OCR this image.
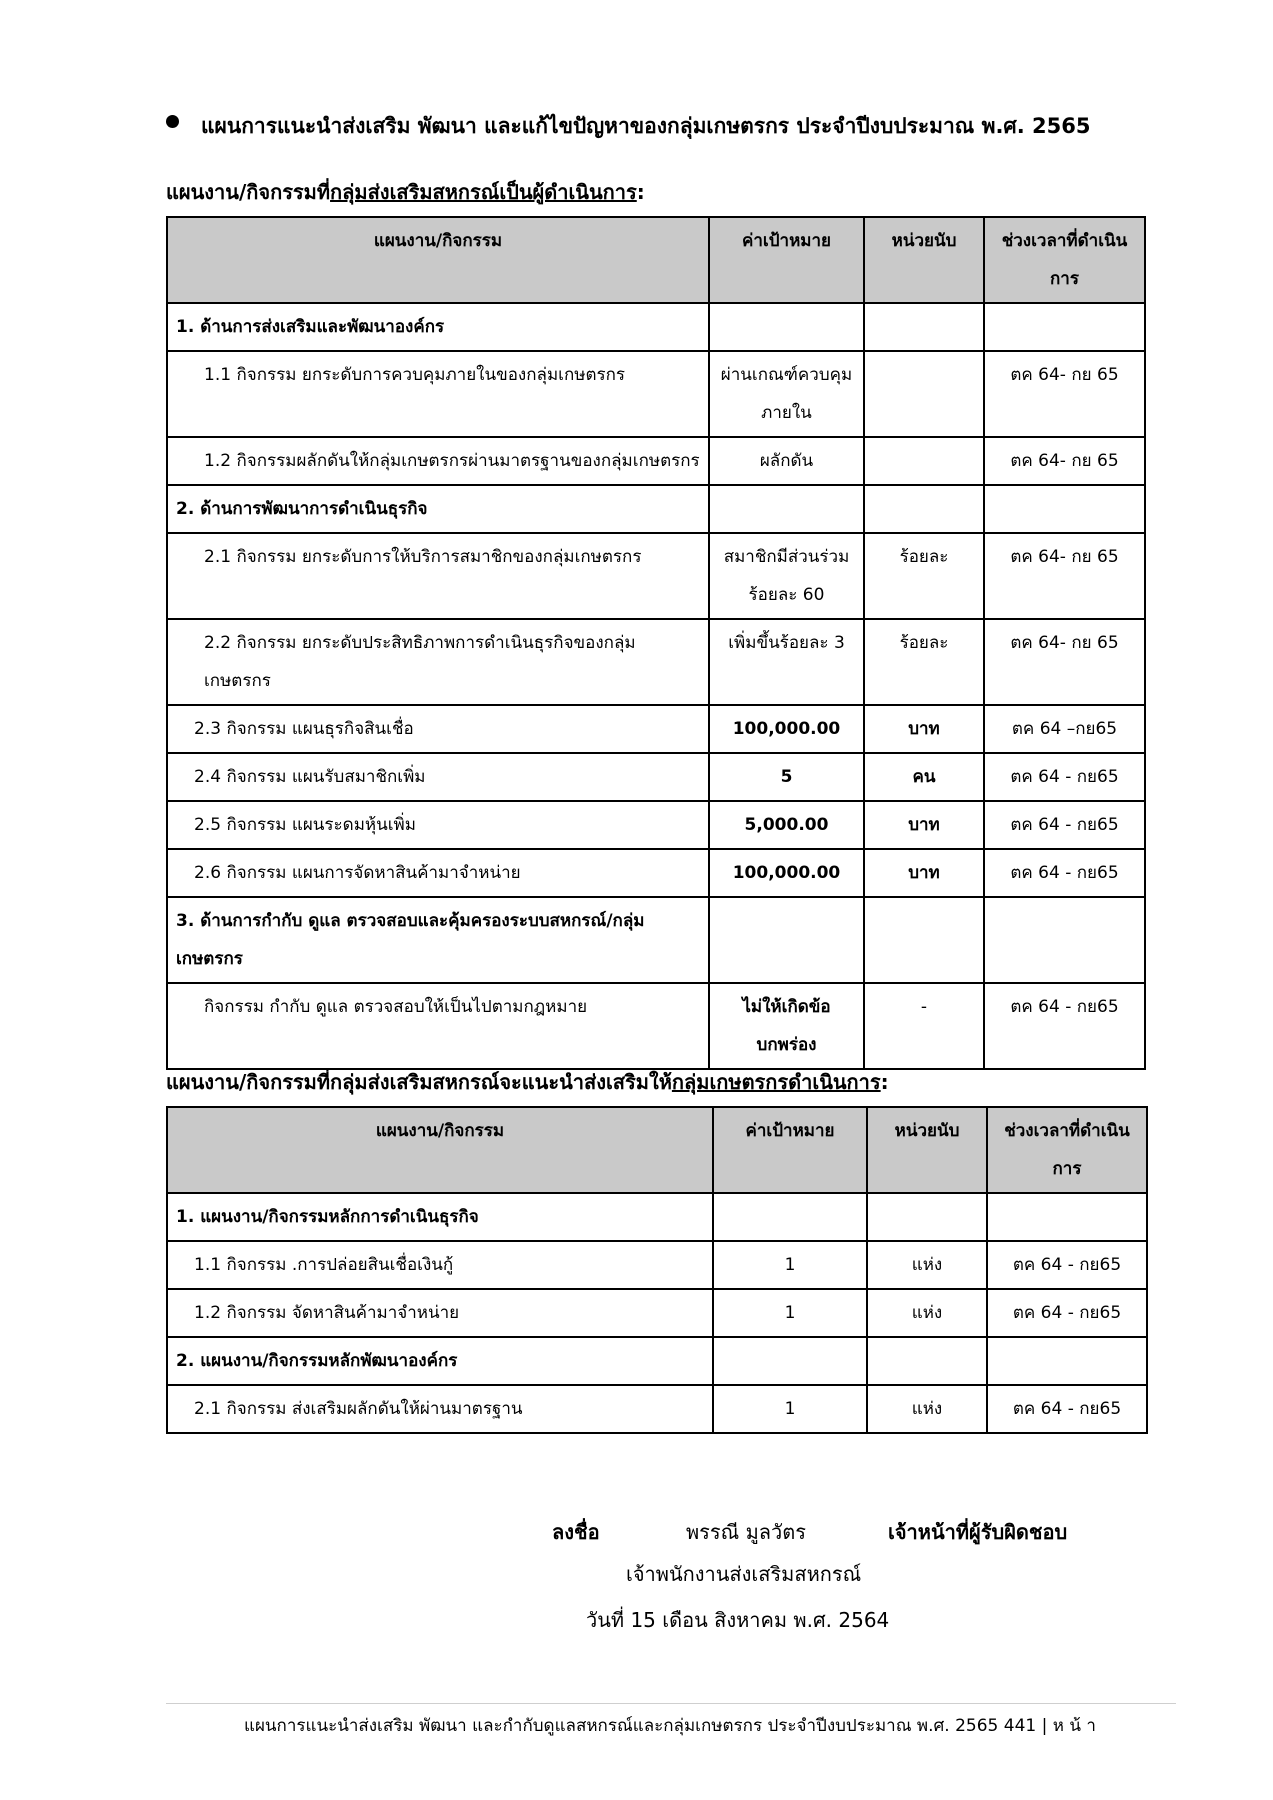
แผนการแนะนำส่งเสริม พัฒนา และแก้ไขปัญหาของกลุ่มเกษตรกร ประจำปีงบประมาณ พ.ศ. 2565
แผนงาน/กิจกรรมที่กลุ่มส่งเสริมสหกรณ์เป็นผู้ดำเนินการ:
แผนงาน/กิจกรรม	ค่าเป้าหมาย	หน่วยนับ	ช่วงเวลาที่ดำเนินการ
1. ด้านการส่งเสริมและพัฒนาองค์กร			
1.1 กิจกรรม ยกระดับการควบคุมภายในของกลุ่มเกษตรกร	ผ่านเกณฑ์ควบคุมภายใน		ตค 64- กย 65
1.2 กิจกรรมผลักดันให้กลุ่มเกษตรกรผ่านมาตรฐานของกลุ่มเกษตรกร	ผลักดัน		ตค 64- กย 65
2. ด้านการพัฒนาการดำเนินธุรกิจ			
2.1 กิจกรรม ยกระดับการให้บริการสมาชิกของกลุ่มเกษตรกร	สมาชิกมีส่วนร่วม ร้อยละ 60	ร้อยละ	ตค 64- กย 65
2.2 กิจกรรม ยกระดับประสิทธิภาพการดำเนินธุรกิจของกลุ่มเกษตรกร	เพิ่มขึ้นร้อยละ 3	ร้อยละ	ตค 64- กย 65
2.3 กิจกรรม แผนธุรกิจสินเชื่อ	100,000.00	บาท	ตค 64 –กย65
2.4 กิจกรรม แผนรับสมาชิกเพิ่ม	5	คน	ตค 64 - กย65
2.5 กิจกรรม แผนระดมหุ้นเพิ่ม	5,000.00	บาท	ตค 64 - กย65
2.6 กิจกรรม แผนการจัดหาสินค้ามาจำหน่าย	100,000.00	บาท	ตค 64 - กย65
3. ด้านการกำกับ ดูแล ตรวจสอบและคุ้มครองระบบสหกรณ์/กลุ่มเกษตรกร			
กิจกรรม กำกับ ดูแล ตรวจสอบให้เป็นไปตามกฎหมาย	ไม่ให้เกิดข้อบกพร่อง	-	ตค 64 - กย65
แผนงาน/กิจกรรมที่กลุ่มส่งเสริมสหกรณ์จะแนะนำส่งเสริมให้กลุ่มเกษตรกรดำเนินการ:
แผนงาน/กิจกรรม	ค่าเป้าหมาย	หน่วยนับ	ช่วงเวลาที่ดำเนินการ
1. แผนงาน/กิจกรรมหลักการดำเนินธุรกิจ			
1.1 กิจกรรม .การปล่อยสินเชื่อเงินกู้	1	แห่ง	ตค 64 - กย65
1.2 กิจกรรม จัดหาสินค้ามาจำหน่าย	1	แห่ง	ตค 64 - กย65
2. แผนงาน/กิจกรรมหลักพัฒนาองค์กร			
2.1 กิจกรรม ส่งเสริมผลักดันให้ผ่านมาตรฐาน	1	แห่ง	ตค 64 - กย65
ลงชื่อ	พรรณี มูลวัตร	เจ้าหน้าที่ผู้รับผิดชอบ
เจ้าพนักงานส่งเสริมสหกรณ์
วันที่ 15 เดือน สิงหาคม พ.ศ. 2564
แผนการแนะนำส่งเสริม พัฒนา และกำกับดูแลสหกรณ์และกลุ่มเกษตรกร ประจำปีงบประมาณ พ.ศ. 2565 441 | ห น้ า
